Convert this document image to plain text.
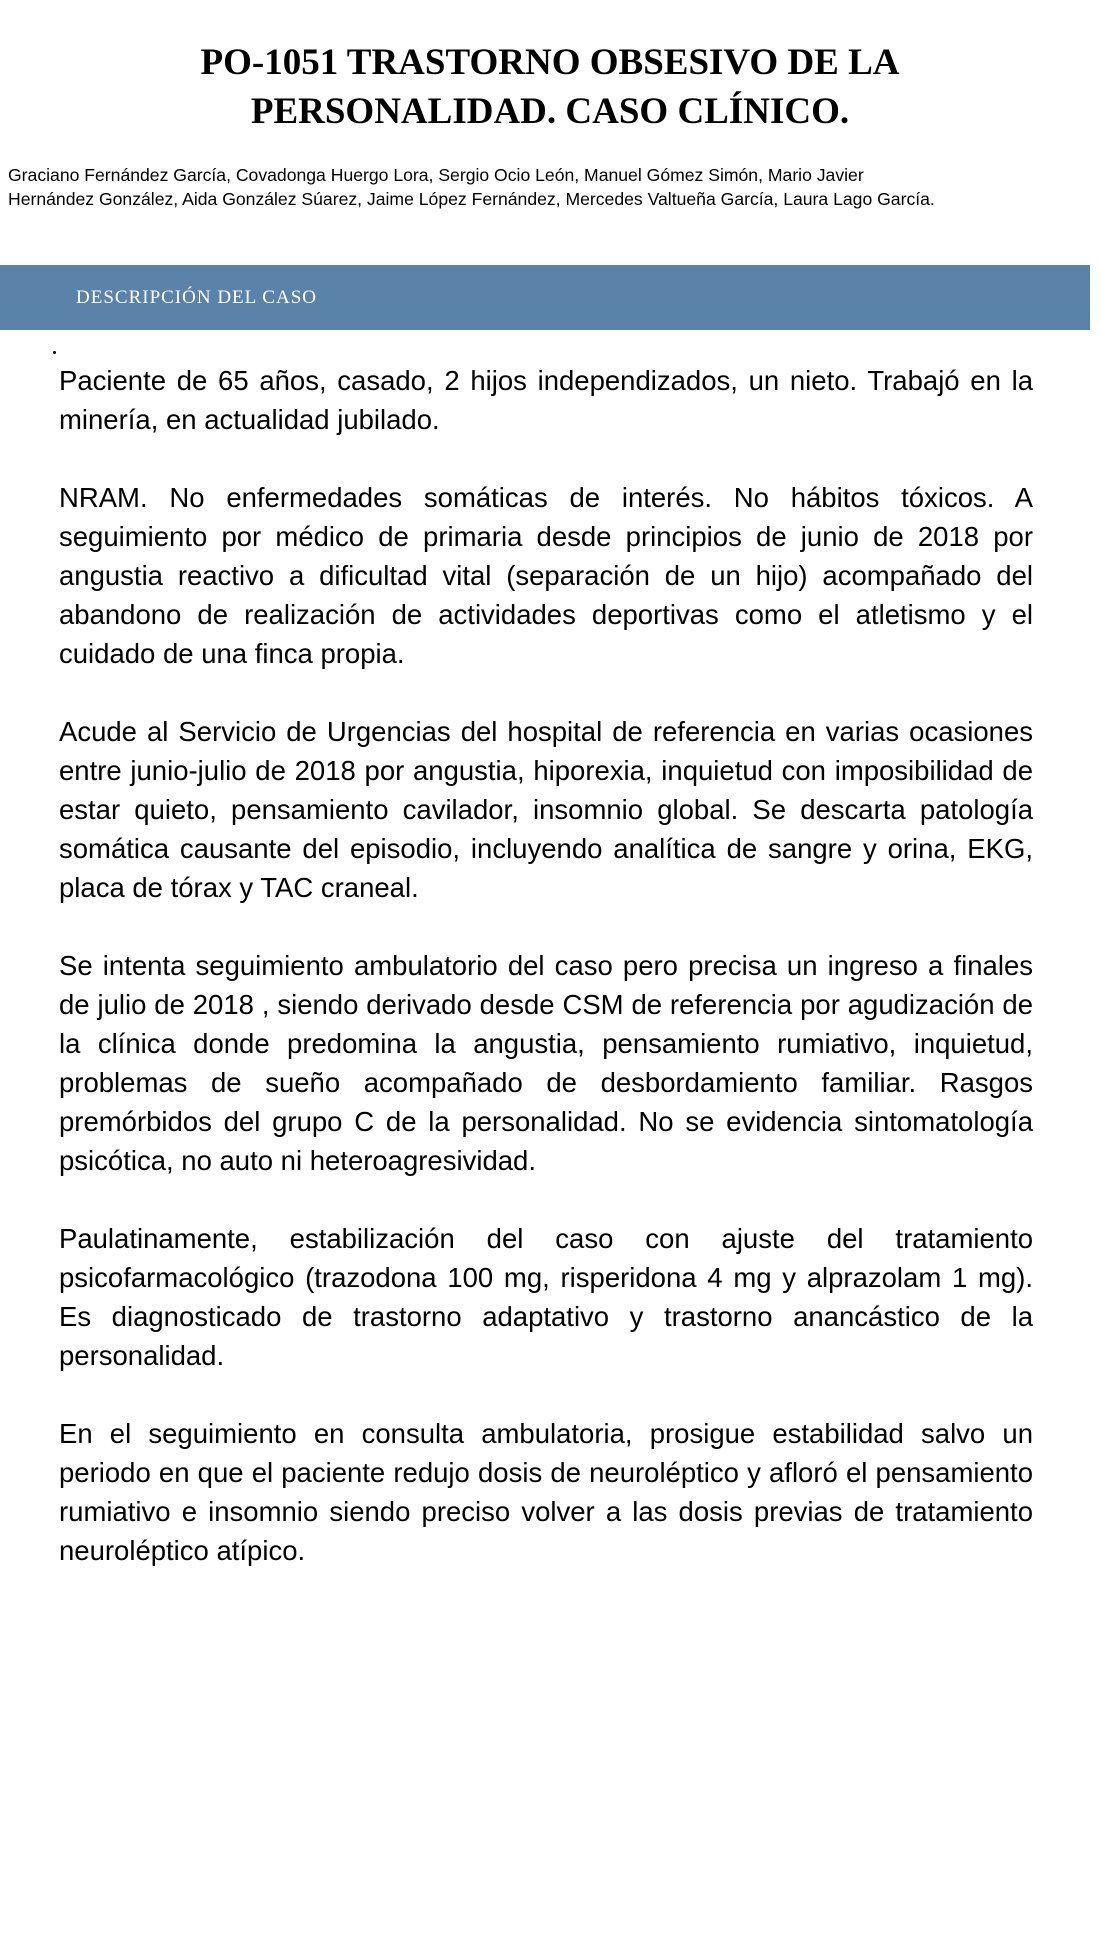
PO-1051 TRASTORNO OBSESIVO DE LA
PERSONALIDAD. CASO CLÍNICO.
Graciano Fernández García, Covadonga Huergo Lora, Sergio Ocio León, Manuel Gómez Simón, Mario Javier
Hernández González, Aida González Súarez, Jaime López Fernández, Mercedes Valtueña García, Laura Lago García.
DESCRIPCIÓN DEL CASO

Paciente de 65 años, casado, 2 hijos independizados, un nieto. Trabajó en la minería, en actualidad jubilado.

NRAM. No enfermedades somáticas de interés. No hábitos tóxicos. A seguimiento por médico de primaria desde principios de junio de 2018 por angustia reactivo a dificultad vital (separación de un hijo) acompañado del abandono de realización de actividades deportivas como el atletismo y el cuidado de una finca propia.

Acude al Servicio de Urgencias del hospital de referencia en varias ocasiones entre junio-julio de 2018 por angustia, hiporexia, inquietud con imposibilidad de estar quieto, pensamiento cavilador, insomnio global. Se descarta patología somática causante del episodio, incluyendo analítica de sangre y orina, EKG, placa de tórax y TAC craneal.

Se intenta seguimiento ambulatorio del caso pero precisa un ingreso a finales de julio de 2018 , siendo derivado desde CSM de referencia por agudización de la clínica donde predomina la angustia, pensamiento rumiativo, inquietud, problemas de sueño acompañado de desbordamiento familiar. Rasgos premórbidos del grupo C de la personalidad. No se evidencia sintomatología psicótica, no auto ni heteroagresividad.

Paulatinamente, estabilización del caso con ajuste del tratamiento psicofarmacológico (trazodona 100 mg, risperidona 4 mg y alprazolam 1 mg). Es diagnosticado de trastorno adaptativo y trastorno anancástico de la personalidad.

En el seguimiento en consulta ambulatoria, prosigue estabilidad salvo un periodo en que el paciente redujo dosis de neuroléptico y afloró el pensamiento rumiativo e insomnio siendo preciso volver a las dosis previas de tratamiento neuroléptico atípico.
